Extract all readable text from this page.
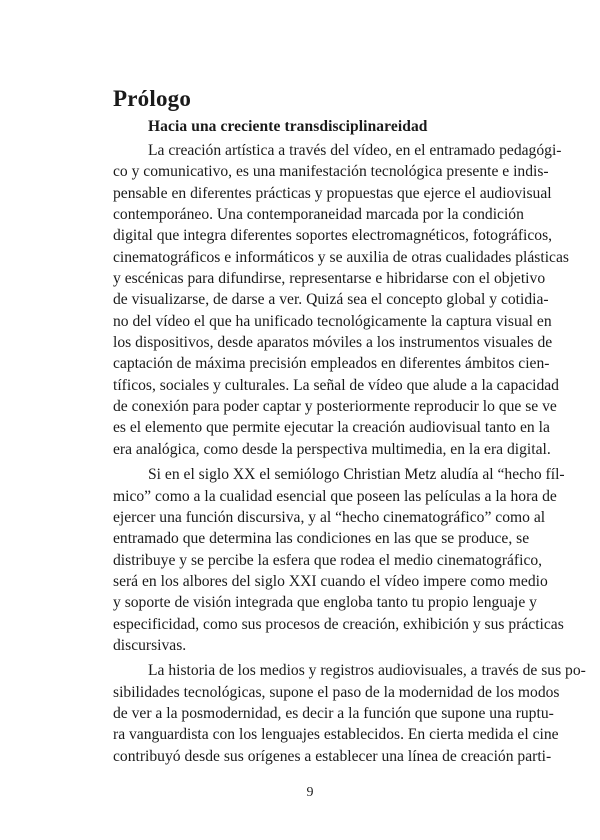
Prólogo
Hacia una creciente transdisciplinareidad

La creación artística a través del vídeo, en el entramado pedagógi-
co y comunicativo, es una manifestación tecnológica presente e indis-
pensable en diferentes prácticas y propuestas que ejerce el audiovisual
contemporáneo. Una contemporaneidad marcada por la condición
digital que integra diferentes soportes electromagnéticos, fotográficos,
cinematográficos e informáticos y se auxilia de otras cualidades plásticas
y escénicas para difundirse, representarse e hibridarse con el objetivo
de visualizarse, de darse a ver. Quizá sea el concepto global y cotidia-
no del vídeo el que ha unificado tecnológicamente la captura visual en
los dispositivos, desde aparatos móviles a los instrumentos visuales de
captación de máxima precisión empleados en diferentes ámbitos cien-
tíficos, sociales y culturales. La señal de vídeo que alude a la capacidad
de conexión para poder captar y posteriormente reproducir lo que se ve
es el elemento que permite ejecutar la creación audiovisual tanto en la
era analógica, como desde la perspectiva multimedia, en la era digital.

Si en el siglo XX el semiólogo Christian Metz aludía al “hecho fíl-
mico” como a la cualidad esencial que poseen las películas a la hora de
ejercer una función discursiva, y al “hecho cinematográfico” como al
entramado que determina las condiciones en las que se produce, se
distribuye y se percibe la esfera que rodea el medio cinematográfico,
será en los albores del siglo XXI cuando el vídeo impere como medio
y soporte de visión integrada que engloba tanto tu propio lenguaje y
especificidad, como sus procesos de creación, exhibición y sus prácticas
discursivas.

La historia de los medios y registros audiovisuales, a través de sus po-
sibilidades tecnológicas, supone el paso de la modernidad de los modos
de ver a la posmodernidad, es decir a la función que supone una ruptu-
ra vanguardista con los lenguajes establecidos. En cierta medida el cine
contribuyó desde sus orígenes a establecer una línea de creación parti-

9
